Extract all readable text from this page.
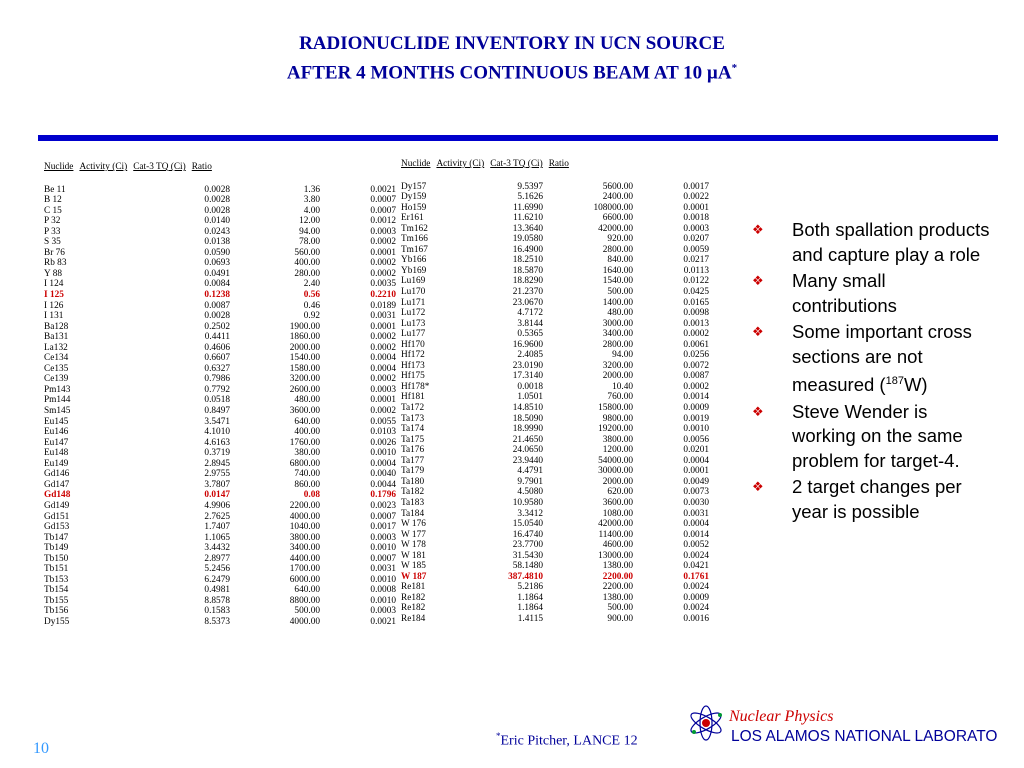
RADIONUCLIDE INVENTORY IN UCN SOURCE
AFTER 4 MONTHS CONTINUOUS BEAM AT 10 µA*
Nuclide Activity (Ci) Cat-3 TQ (Ci) Ratio			

Be 11	0.0028	1.36	0.0021
B 12	0.0028	3.80	0.0007
C 15	0.0028	4.00	0.0007
P 32	0.0140	12.00	0.0012
P 33	0.0243	94.00	0.0003
S 35	0.0138	78.00	0.0002
Br 76	0.0590	560.00	0.0001
Rb 83	0.0693	400.00	0.0002
Y 88	0.0491	280.00	0.0002
I 124	0.0084	2.40	0.0035
I 125	0.1238	0.56	0.2210
I 126	0.0087	0.46	0.0189
I 131	0.0028	0.92	0.0031
Ba128	0.2502	1900.00	0.0001
Ba131	0.4411	1860.00	0.0002
La132	0.4606	2000.00	0.0002
Ce134	0.6607	1540.00	0.0004
Ce135	0.6327	1580.00	0.0004
Ce139	0.7986	3200.00	0.0002
Pm143	0.7792	2600.00	0.0003
Pm144	0.0518	480.00	0.0001
Sm145	0.8497	3600.00	0.0002
Eu145	3.5471	640.00	0.0055
Eu146	4.1010	400.00	0.0103
Eu147	4.6163	1760.00	0.0026
Eu148	0.3719	380.00	0.0010
Eu149	2.8945	6800.00	0.0004
Gd146	2.9755	740.00	0.0040
Gd147	3.7807	860.00	0.0044
Gd148	0.0147	0.08	0.1796
Gd149	4.9906	2200.00	0.0023
Gd151	2.7625	4000.00	0.0007
Gd153	1.7407	1040.00	0.0017
Tb147	1.1065	3800.00	0.0003
Tb149	3.4432	3400.00	0.0010
Tb150	2.8977	4400.00	0.0007
Tb151	5.2456	1700.00	0.0031
Tb153	6.2479	6000.00	0.0010
Tb154	0.4981	640.00	0.0008
Tb155	8.8578	8800.00	0.0010
Tb156	0.1583	500.00	0.0003
Dy155	8.5373	4000.00	0.0021
Nuclide Activity (Ci) Cat-3 TQ (Ci) Ratio			

Dy157	9.5397	5600.00	0.0017
Dy159	5.1626	2400.00	0.0022
Ho159	11.6990	108000.00	0.0001
Er161	11.6210	6600.00	0.0018
Tm162	13.3640	42000.00	0.0003
Tm166	19.0580	920.00	0.0207
Tm167	16.4900	2800.00	0.0059
Yb166	18.2510	840.00	0.0217
Yb169	18.5870	1640.00	0.0113
Lu169	18.8290	1540.00	0.0122
Lu170	21.2370	500.00	0.0425
Lu171	23.0670	1400.00	0.0165
Lu172	4.7172	480.00	0.0098
Lu173	3.8144	3000.00	0.0013
Lu177	0.5365	3400.00	0.0002
Hf170	16.9600	2800.00	0.0061
Hf172	2.4085	94.00	0.0256
Hf173	23.0190	3200.00	0.0072
Hf175	17.3140	2000.00	0.0087
Hf178*	0.0018	10.40	0.0002
Hf181	1.0501	760.00	0.0014
Ta172	14.8510	15800.00	0.0009
Ta173	18.5090	9800.00	0.0019
Ta174	18.9990	19200.00	0.0010
Ta175	21.4650	3800.00	0.0056
Ta176	24.0650	1200.00	0.0201
Ta177	23.9440	54000.00	0.0004
Ta179	4.4791	30000.00	0.0001
Ta180	9.7901	2000.00	0.0049
Ta182	4.5080	620.00	0.0073
Ta183	10.9580	3600.00	0.0030
Ta184	3.3412	1080.00	0.0031
W 176	15.0540	42000.00	0.0004
W 177	16.4740	11400.00	0.0014
W 178	23.7700	4600.00	0.0052
W 181	31.5430	13000.00	0.0024
W 185	58.1480	1380.00	0.0421
W 187	387.4810	2200.00	0.1761
Re181	5.2186	2200.00	0.0024
Re182	1.1864	1380.00	0.0009
Re182	1.1864	500.00	0.0024
Re184	1.4115	900.00	0.0016
❖ Both spallation products and capture play a role
❖ Many small contributions
❖ Some important cross sections are not measured ($^{187}$W)
❖ Steve Wender is working on the same problem for target-4.
❖ 2 target changes per year is possible
10
*Eric Pitcher, LANCE 12
Nuclear Physics
LOS ALAMOS NATIONAL LABORATO
